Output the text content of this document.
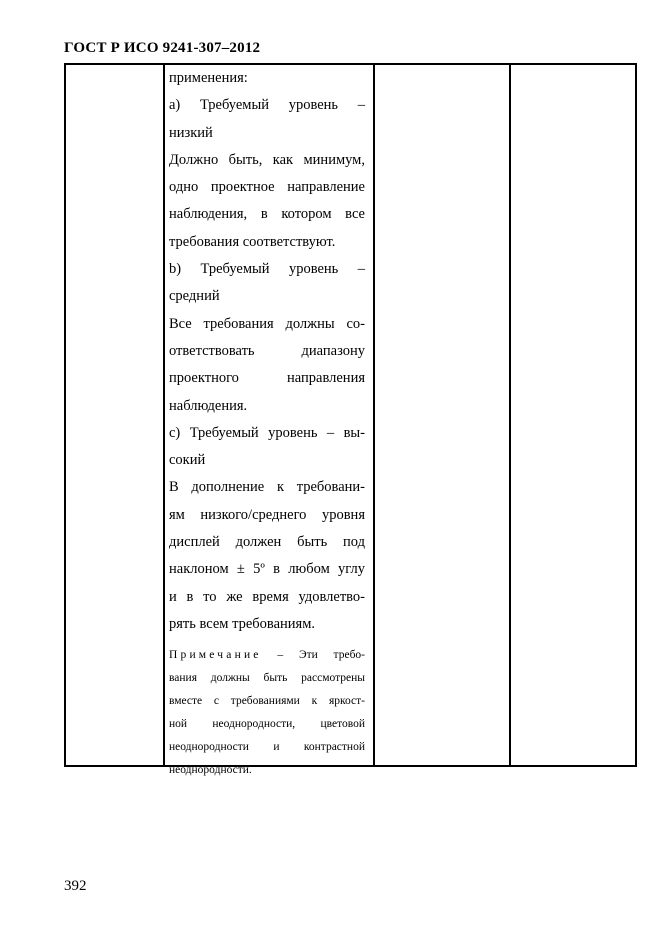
ГОСТ Р ИСО 9241-307–2012
применения:
a) Требуемый уровень –
низкий
Должно быть, как минимум,
одно проектное направление
наблюдения, в котором все
требования соответствуют.
b) Требуемый уровень –
средний
Все требования должны со-
ответствовать диапазону
проектного направления
наблюдения.
c) Требуемый уровень – вы-
сокий
В дополнение к требовани-
ям низкого/среднего уровня
дисплей должен быть под
наклоном ± 5º в любом углу
и в то же время удовлетво-
рять всем требованиям.
Примечание – Эти требо-
вания должны быть рассмотрены
вместе с требованиями к яркост-
ной неоднородности, цветовой
неоднородности и контрастной
неоднородности.
392
